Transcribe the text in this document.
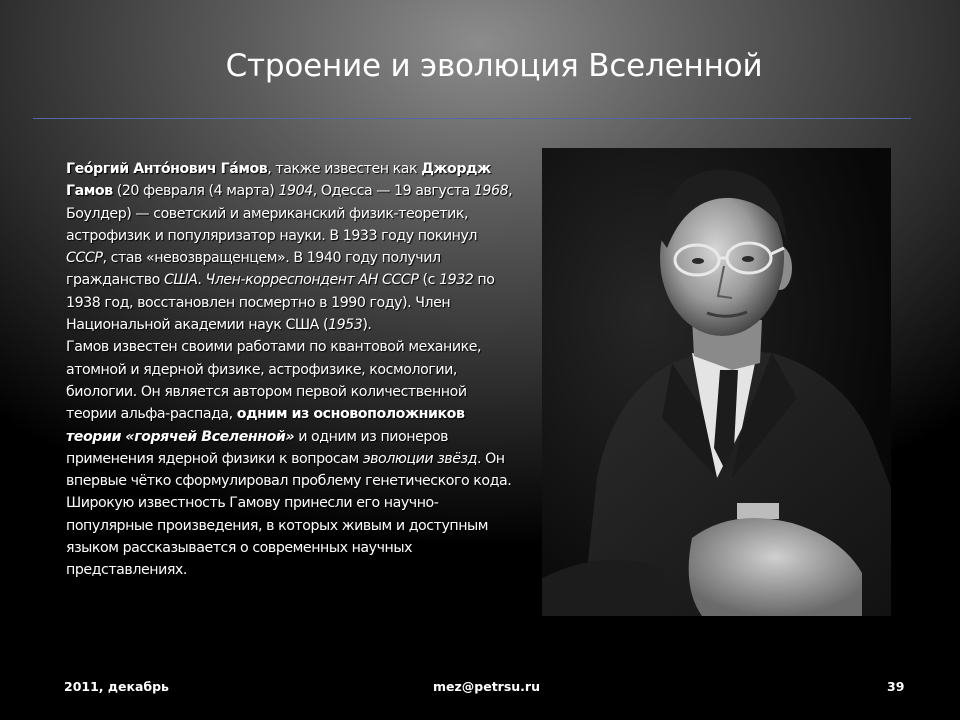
Строение и эволюция Вселенной

Гео́ргий Анто́нович Га́мов, также известен как Джордж Гамов (20 февраля (4 марта) 1904, Одесса — 19 августа 1968, Боулдер) — советский и американский физик-теоретик, астрофизик и популяризатор науки. В 1933 году покинул СССР, став «невозвращенцем». В 1940 году получил гражданство США. Член-корреспондент АН СССР (с 1932 по 1938 год, восстановлен посмертно в 1990 году). Член Национальной академии наук США (1953).

Гамов известен своими работами по квантовой механике, атомной и ядерной физике, астрофизике, космологии, биологии. Он является автором первой количественной теории альфа-распада, одним из основоположников теории «горячей Вселенной» и одним из пионеров применения ядерной физики к вопросам эволюции звёзд. Он впервые чётко сформулировал проблему генетического кода. Широкую известность Гамову принесли его научно-популярные произведения, в которых живым и доступным языком рассказывается о современных научных представлениях.

2011, декабрь	mez@petrsu.ru	39
